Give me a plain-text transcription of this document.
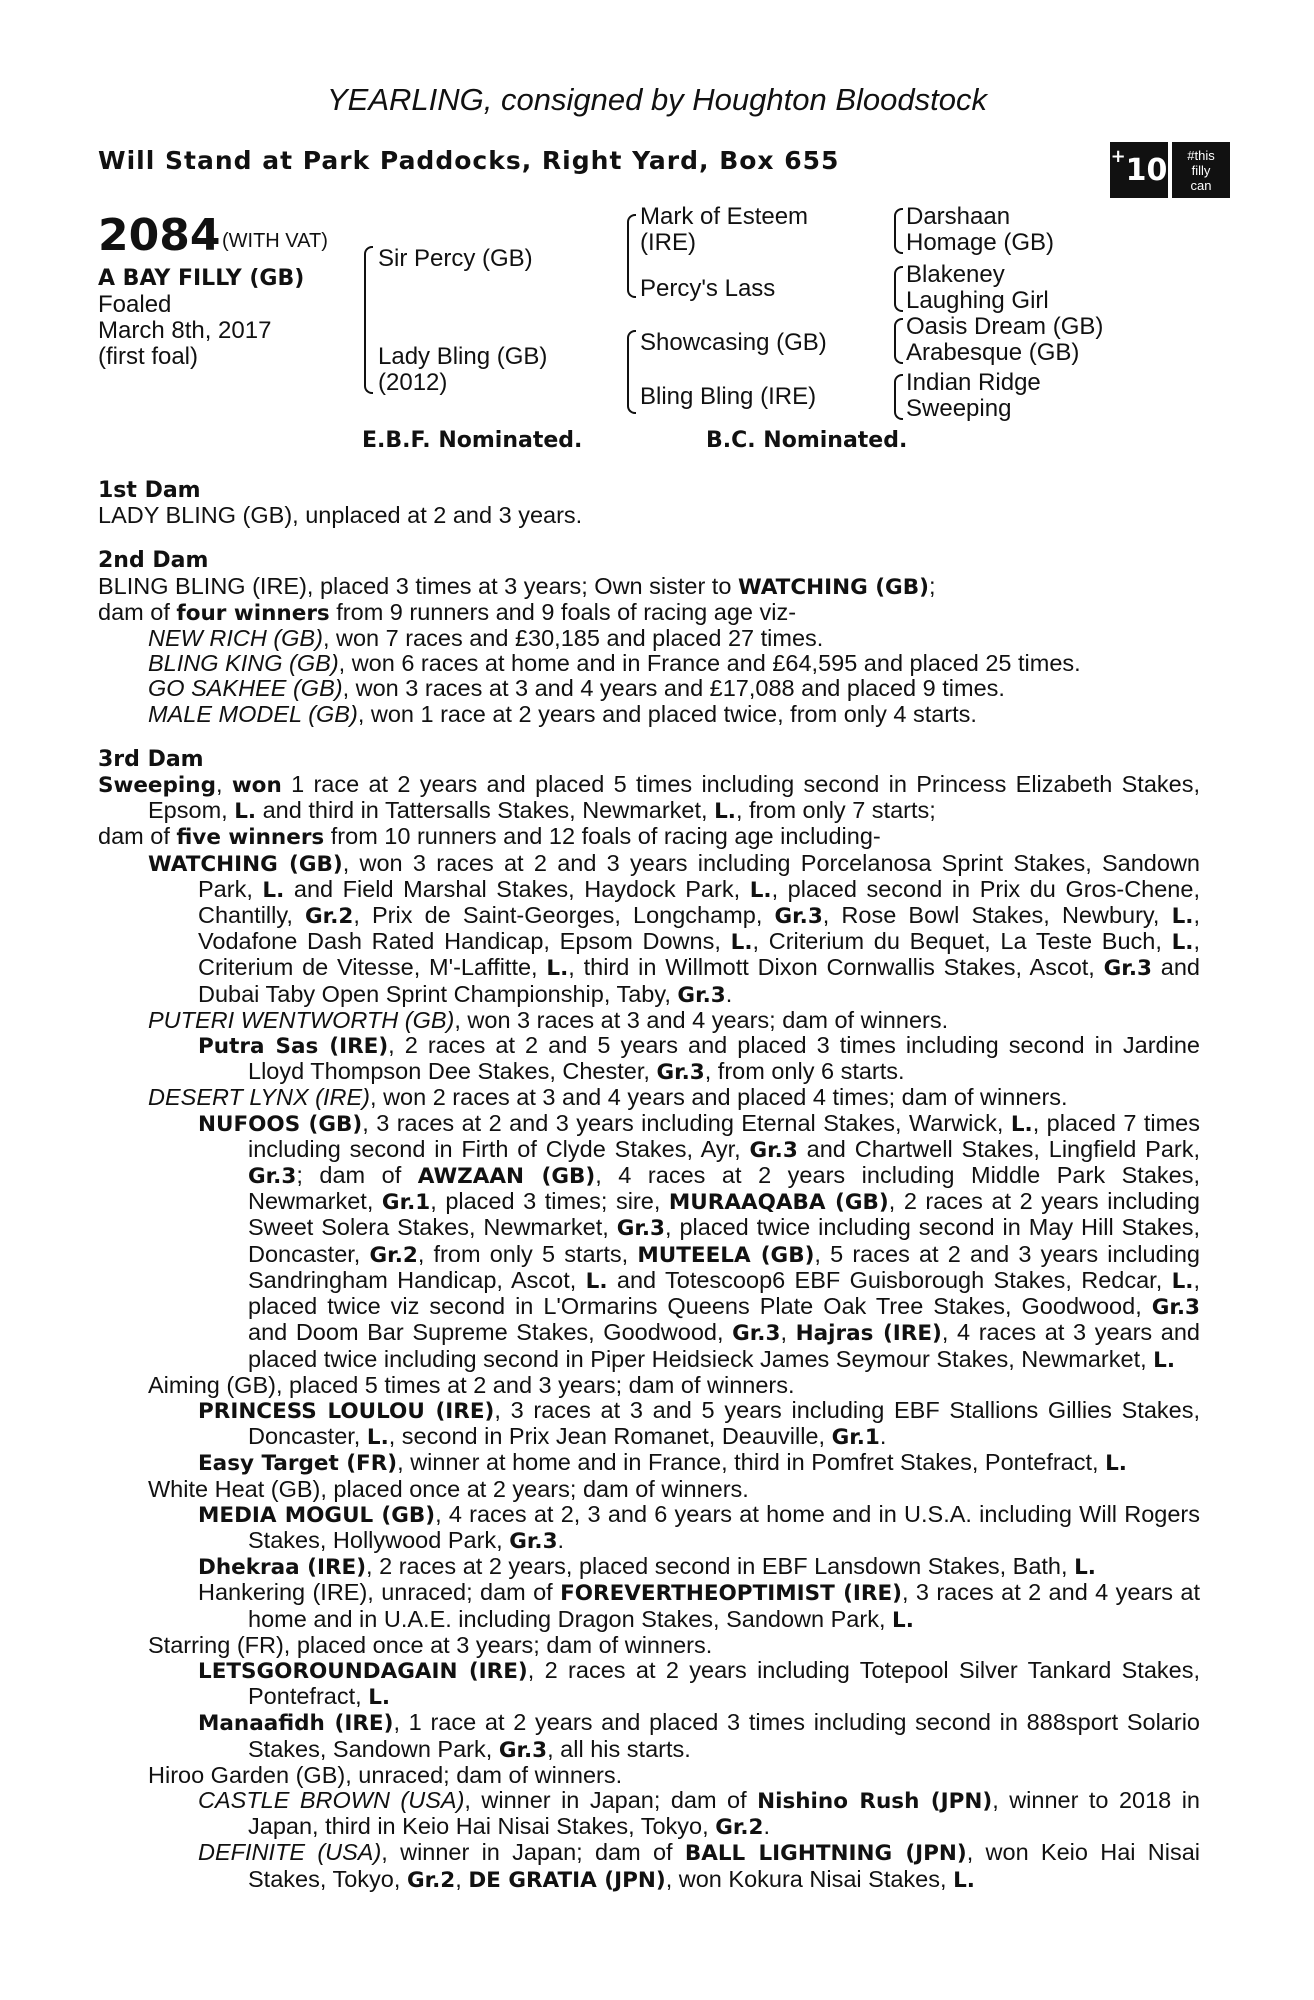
YEARLING, consigned by Houghton Bloodstock
Will Stand at Park Paddocks, Right Yard, Box 655	+ 10 #this
filly
can
2084 (WITH VAT)
A BAY FILLY (GB)
Foaled
March 8th, 2017
(first foal)
Sir Percy (GB)
Lady Bling (GB)
(2012)
Mark of Esteem
(IRE)
Percy's Lass
Showcasing (GB)
Bling Bling (IRE)
Darshaan
Homage (GB)
Blakeney
Laughing Girl
Oasis Dream (GB)
Arabesque (GB)
Indian Ridge
Sweeping
E.B.F. Nominated.	B.C. Nominated.
1st Dam

LADY BLING (GB), unplaced at 2 and 3 years.

2nd Dam

BLING BLING (IRE), placed 3 times at 3 years; Own sister to WATCHING (GB);

dam of four winners from 9 runners and 9 foals of racing age viz-

NEW RICH (GB), won 7 races and £30,185 and placed 27 times.

BLING KING (GB), won 6 races at home and in France and £64,595 and placed 25 times.

GO SAKHEE (GB), won 3 races at 3 and 4 years and £17,088 and placed 9 times.

MALE MODEL (GB), won 1 race at 2 years and placed twice, from only 4 starts.

3rd Dam

Sweeping, won 1 race at 2 years and placed 5 times including second in Princess Elizabeth Stakes, Epsom, L. and third in Tattersalls Stakes, Newmarket, L., from only 7 starts;

dam of five winners from 10 runners and 12 foals of racing age including-

WATCHING (GB), won 3 races at 2 and 3 years including Porcelanosa Sprint Stakes, Sandown Park, L. and Field Marshal Stakes, Haydock Park, L., placed second in Prix du Gros-Chene, Chantilly, Gr.2, Prix de Saint-Georges, Longchamp, Gr.3, Rose Bowl Stakes, Newbury, L., Vodafone Dash Rated Handicap, Epsom Downs, L., Criterium du Bequet, La Teste Buch, L., Criterium de Vitesse, M'-Laffitte, L., third in Willmott Dixon Cornwallis Stakes, Ascot, Gr.3 and Dubai Taby Open Sprint Championship, Taby, Gr.3.

PUTERI WENTWORTH (GB), won 3 races at 3 and 4 years; dam of winners.

Putra Sas (IRE), 2 races at 2 and 5 years and placed 3 times including second in Jardine Lloyd Thompson Dee Stakes, Chester, Gr.3, from only 6 starts.

DESERT LYNX (IRE), won 2 races at 3 and 4 years and placed 4 times; dam of winners.

NUFOOS (GB), 3 races at 2 and 3 years including Eternal Stakes, Warwick, L., placed 7 times including second in Firth of Clyde Stakes, Ayr, Gr.3 and Chartwell Stakes, Lingfield Park, Gr.3; dam of AWZAAN (GB), 4 races at 2 years including Middle Park Stakes, Newmarket, Gr.1, placed 3 times; sire, MURAAQABA (GB), 2 races at 2 years including Sweet Solera Stakes, Newmarket, Gr.3, placed twice including second in May Hill Stakes, Doncaster, Gr.2, from only 5 starts, MUTEELA (GB), 5 races at 2 and 3 years including Sandringham Handicap, Ascot, L. and Totescoop6 EBF Guisborough Stakes, Redcar, L., placed twice viz second in L'Ormarins Queens Plate Oak Tree Stakes, Goodwood, Gr.3 and Doom Bar Supreme Stakes, Goodwood, Gr.3, Hajras (IRE), 4 races at 3 years and placed twice including second in Piper Heidsieck James Seymour Stakes, Newmarket, L.

Aiming (GB), placed 5 times at 2 and 3 years; dam of winners.

PRINCESS LOULOU (IRE), 3 races at 3 and 5 years including EBF Stallions Gillies Stakes, Doncaster, L., second in Prix Jean Romanet, Deauville, Gr.1.

Easy Target (FR), winner at home and in France, third in Pomfret Stakes, Pontefract, L.

White Heat (GB), placed once at 2 years; dam of winners.

MEDIA MOGUL (GB), 4 races at 2, 3 and 6 years at home and in U.S.A. including Will Rogers Stakes, Hollywood Park, Gr.3.

Dhekraa (IRE), 2 races at 2 years, placed second in EBF Lansdown Stakes, Bath, L.

Hankering (IRE), unraced; dam of FOREVERTHEOPTIMIST (IRE), 3 races at 2 and 4 years at home and in U.A.E. including Dragon Stakes, Sandown Park, L.

Starring (FR), placed once at 3 years; dam of winners.

LETSGOROUNDAGAIN (IRE), 2 races at 2 years including Totepool Silver Tankard Stakes, Pontefract, L.

Manaafidh (IRE), 1 race at 2 years and placed 3 times including second in 888sport Solario Stakes, Sandown Park, Gr.3, all his starts.

Hiroo Garden (GB), unraced; dam of winners.

CASTLE BROWN (USA), winner in Japan; dam of Nishino Rush (JPN), winner to 2018 in Japan, third in Keio Hai Nisai Stakes, Tokyo, Gr.2.

DEFINITE (USA), winner in Japan; dam of BALL LIGHTNING (JPN), won Keio Hai Nisai Stakes, Tokyo, Gr.2, DE GRATIA (JPN), won Kokura Nisai Stakes, L.
